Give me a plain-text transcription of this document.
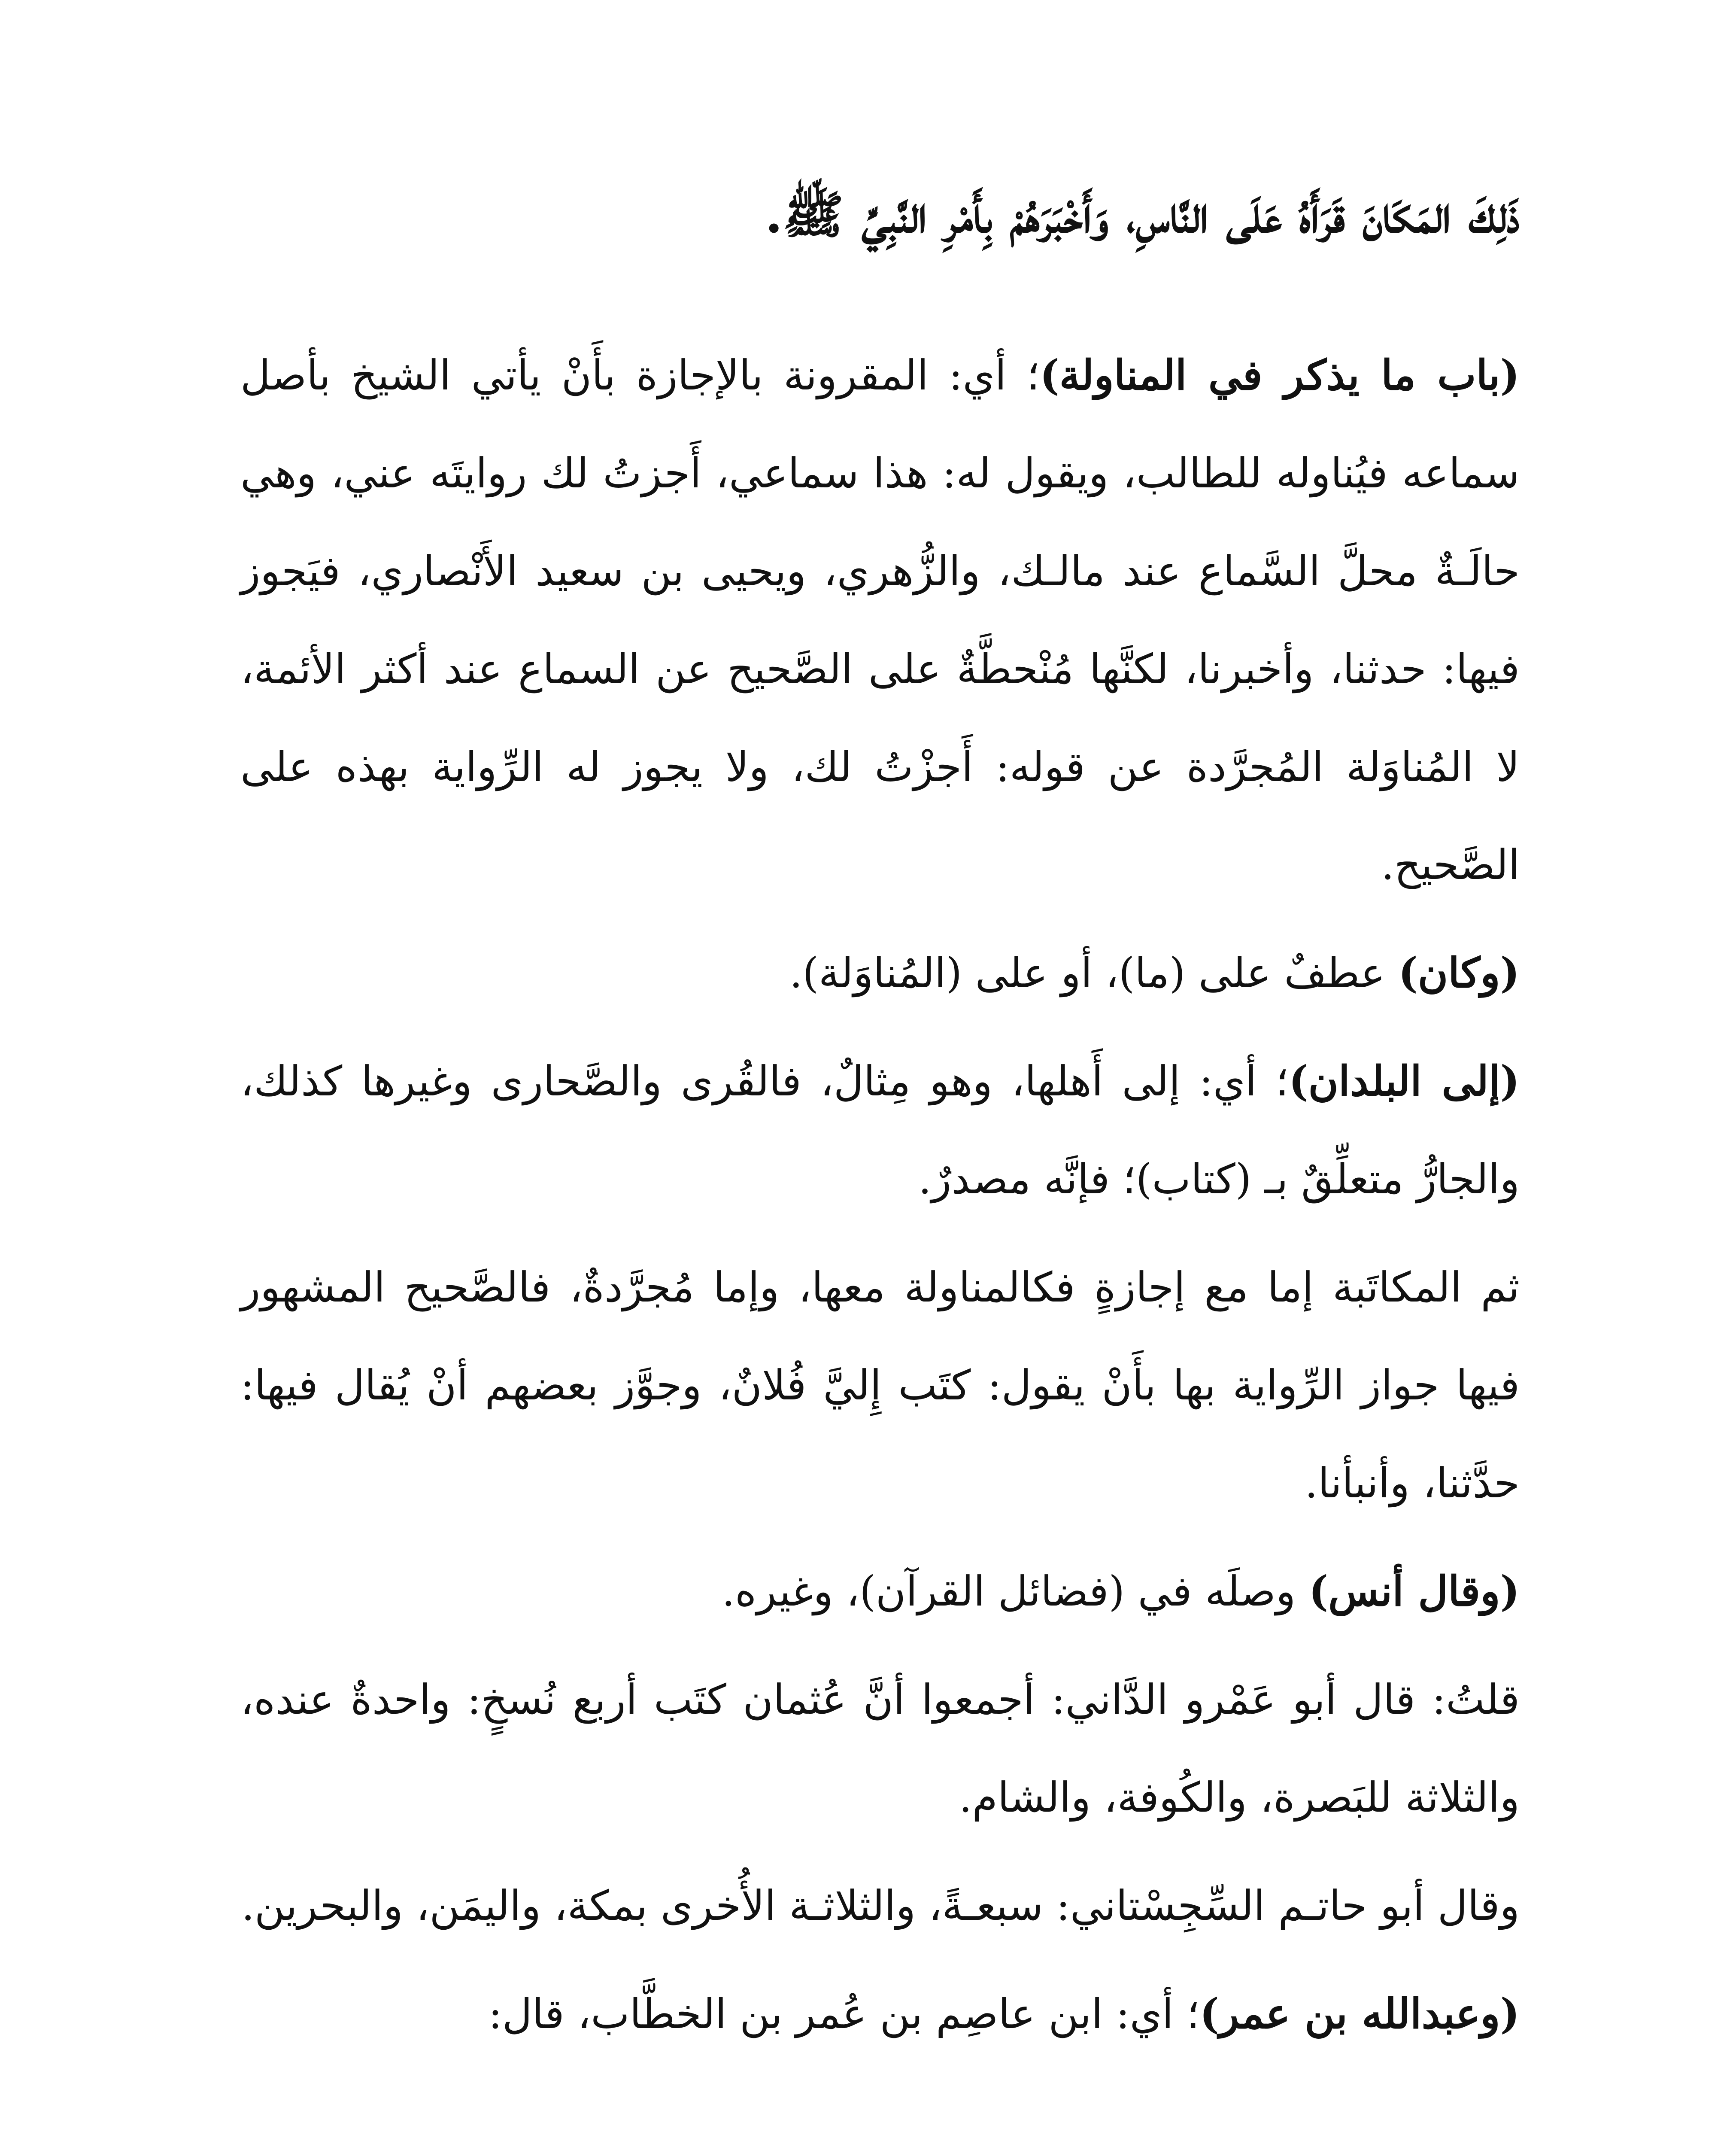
ذَلِكَ المَكَانَ قَرَأَهُ عَلَى النَّاسِ، وَأَخْبَرَهُمْ بِأَمْرِ النَّبِيِّ ﷺ.

(باب ما يذكر في المناولة)؛ أي: المقرونة بالإجازة بأَنْ يأتي الشيخ بأصل سماعه فيُناوله للطالب، ويقول له: هذا سماعي، أَجزتُ لك روايتَه عني، وهي حالَـةٌ محلَّ السَّماع عند مالـك، والزُّهري، ويحيى بن سعيد الأَنْصاري، فيَجوز فيها: حدثنا، وأخبرنا، لكنَّها مُنْحطَّةٌ على الصَّحيح عن السماع عند أكثر الأئمة، لا المُناوَلة المُجرَّدة عن قوله: أَجزْتُ لك، ولا يجوز له الرِّواية بهذه على الصَّحيح.

(وكان) عطفٌ على (ما)، أو على (المُناوَلة).

(إلى البلدان)؛ أي: إلى أَهلها، وهو مِثالٌ، فالقُرى والصَّحارى وغيرها كذلك، والجارُّ متعلِّقٌ بـ (كتاب)؛ فإنَّه مصدرٌ.

ثم المكاتَبة إما مع إجازةٍ فكالمناولة معها، وإما مُجرَّدةٌ، فالصَّحيح المشهور فيها جواز الرِّواية بها بأَنْ يقول: كتَب إِليَّ فُلانٌ، وجوَّز بعضهم أنْ يُقال فيها: حدَّثنا، وأنبأنا.

(وقال أنس) وصلَه في (فضائل القرآن)، وغيره.

قلتُ: قال أبو عَمْرو الدَّاني: أجمعوا أنَّ عُثمان كتَب أربع نُسخٍ: واحدةٌ عنده، والثلاثة للبَصرة، والكُوفة، والشام.

وقال أبو حاتـم السِّجِسْتاني: سبعـةً، والثلاثـة الأُخرى بمكة، واليمَن، والبحرين.

(وعبدالله بن عمر)؛ أي: ابن عاصِم بن عُمر بن الخطَّاب، قال:
